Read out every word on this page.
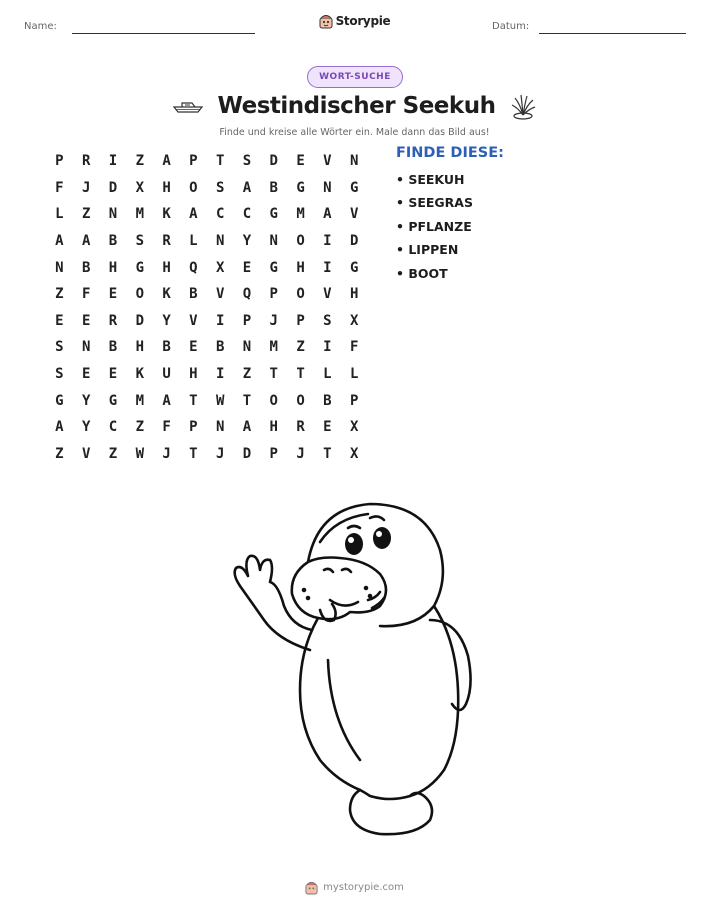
Name:	Storypie	Datum:
WORT-SUCHE
Westindischer Seekuh
Finde und kreise alle Wörter ein. Male dann das Bild aus!
P	R	I	Z	A	P	T	S	D	E	V	N
F	J	D	X	H	O	S	A	B	G	N	G
L	Z	N	M	K	A	C	C	G	M	A	V
A	A	B	S	R	L	N	Y	N	O	I	D
N	B	H	G	H	Q	X	E	G	H	I	G
Z	F	E	O	K	B	V	Q	P	O	V	H
E	E	R	D	Y	V	I	P	J	P	S	X
S	N	B	H	B	E	B	N	M	Z	I	F
S	E	E	K	U	H	I	Z	T	T	L	L
G	Y	G	M	A	T	W	T	O	O	B	P
A	Y	C	Z	F	P	N	A	H	R	E	X
Z	V	Z	W	J	T	J	D	P	J	T	X
FINDE DIESE:
• SEEKUH
• SEEGRAS
• PFLANZE
• LIPPEN
• BOOT
mystorypie.com
